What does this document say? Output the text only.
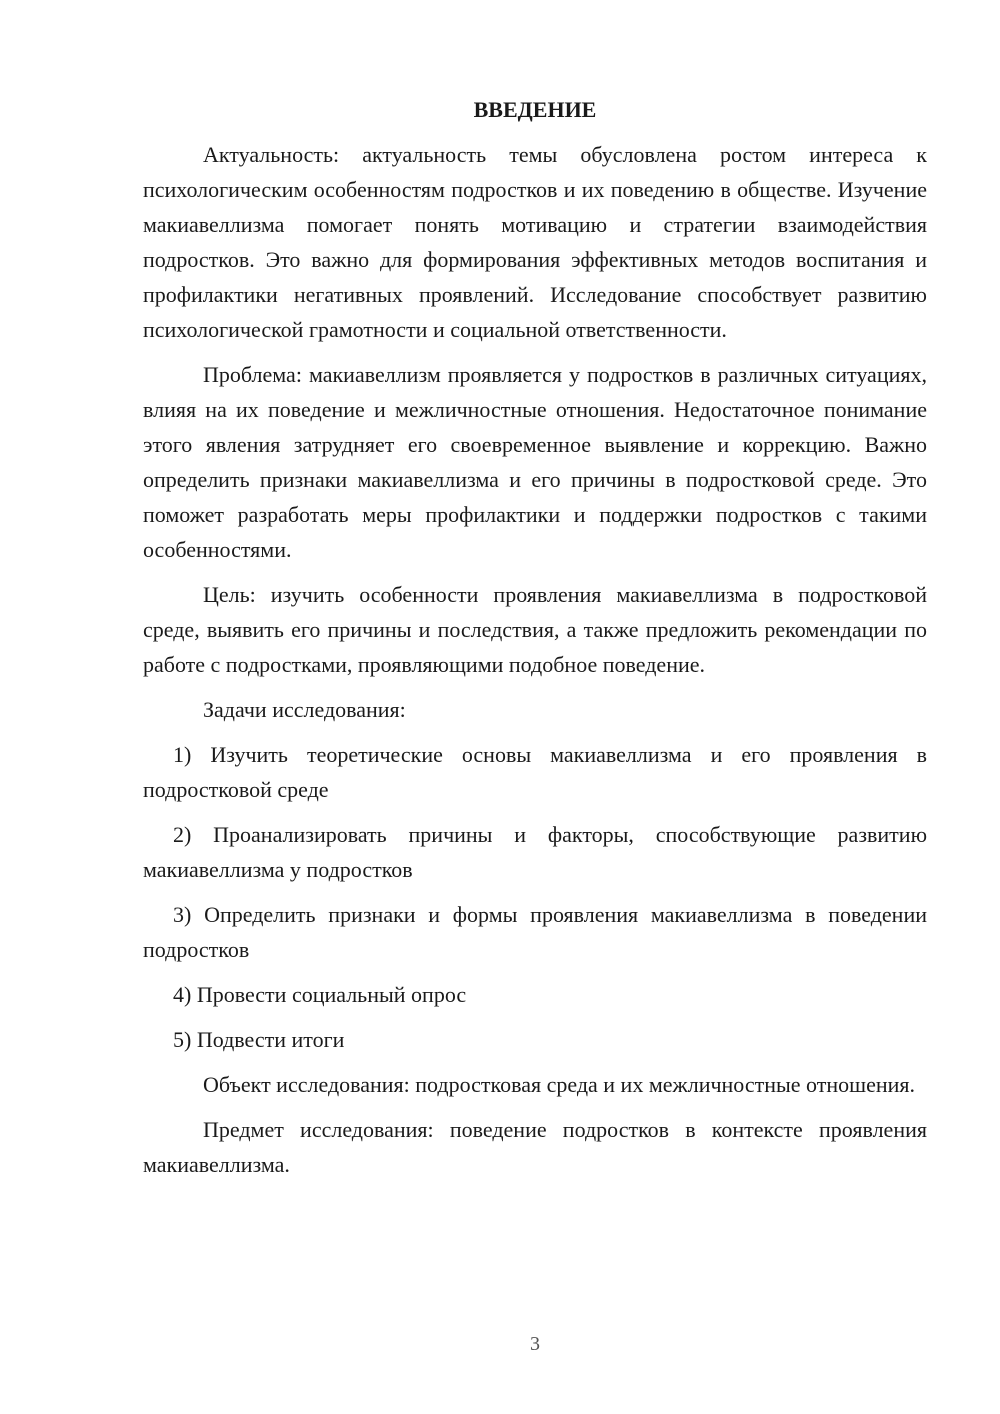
ВВЕДЕНИЕ

Актуальность: актуальность темы обусловлена ростом интереса к психологическим особенностям подростков и их поведению в обществе. Изучение макиавеллизма помогает понять мотивацию и стратегии взаимодействия подростков. Это важно для формирования эффективных методов воспитания и профилактики негативных проявлений. Исследование способствует развитию психологической грамотности и социальной ответственности.

Проблема: макиавеллизм проявляется у подростков в различных ситуациях, влияя на их поведение и межличностные отношения. Недостаточное понимание этого явления затрудняет его своевременное выявление и коррекцию. Важно определить признаки макиавеллизма и его причины в подростковой среде. Это поможет разработать меры профилактики и поддержки подростков с такими особенностями.

Цель: изучить особенности проявления макиавеллизма в подростковой среде, выявить его причины и последствия, а также предложить рекомендации по работе с подростками, проявляющими подобное поведение.

Задачи исследования:

1) Изучить теоретические основы макиавеллизма и его проявления в подростковой среде

2) Проанализировать причины и факторы, способствующие развитию макиавеллизма у подростков

3) Определить признаки и формы проявления макиавеллизма в поведении подростков

4) Провести социальный опрос

5) Подвести итоги

Объект исследования: подростковая среда и их межличностные отношения.

Предмет исследования: поведение подростков в контексте проявления макиавеллизма.

3
